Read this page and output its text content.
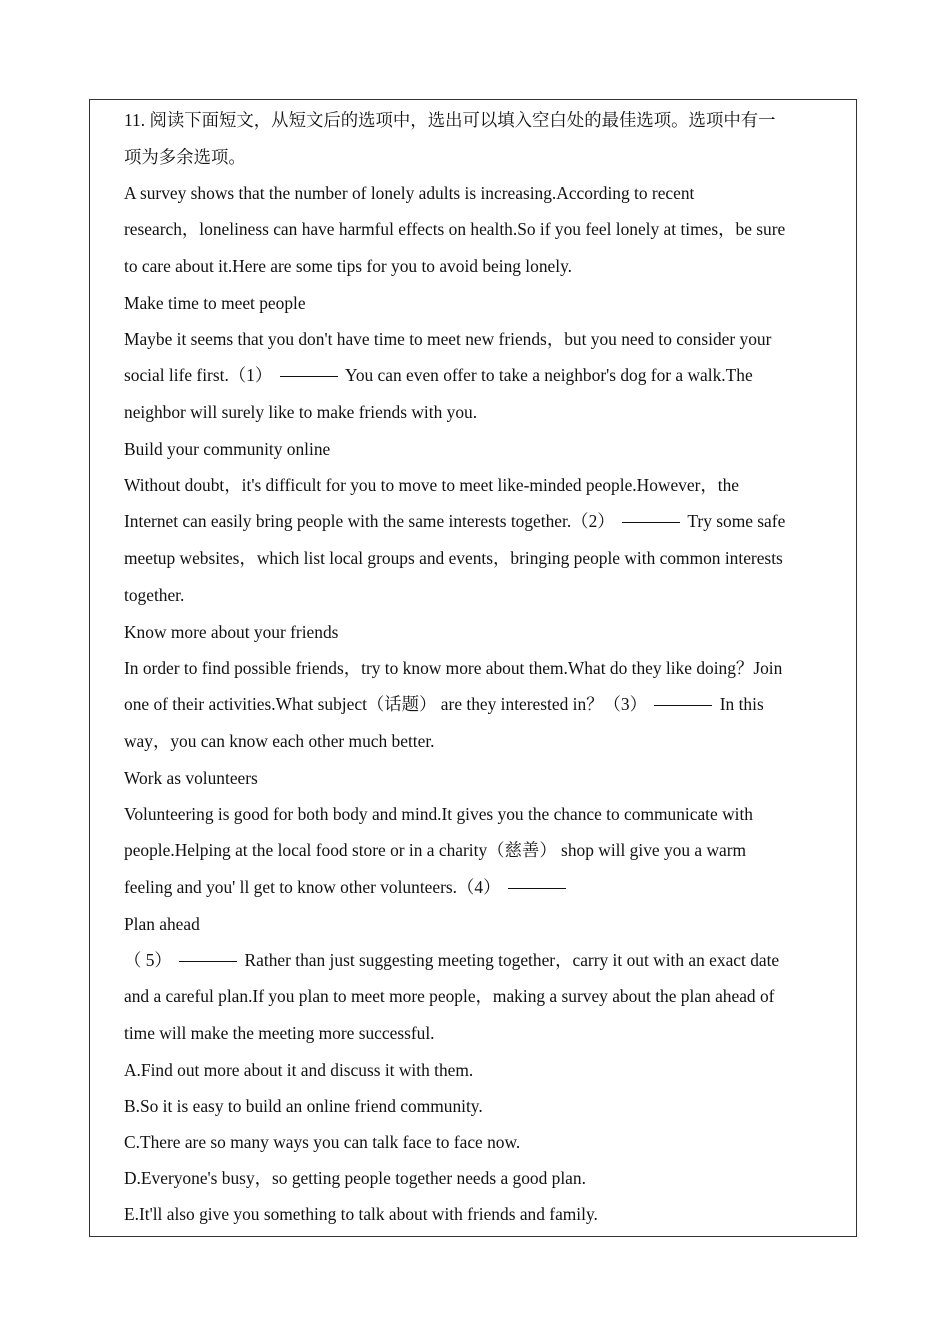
11. 阅读下面短文，从短文后的选项中，选出可以填入空白处的最佳选项。选项中有一

项为多余选项。

A survey shows that the number of lonely adults is increasing.According to recent

research，loneliness can have harmful effects on health.So if you feel lonely at times，be sure

to care about it.Here are some tips for you to avoid being lonely.

Make time to meet people

Maybe it seems that you don't have time to meet new friends，but you need to consider your

social life first.（1）	You can even offer to take a neighbor's dog for a walk.The

neighbor will surely like to make friends with you.

Build your community online

Without doubt，it's difficult for you to move to meet like-minded people.However，the

Internet can easily bring people with the same interests together.（2）	Try some safe

meetup websites，which list local groups and events，bringing people with common interests

together.

Know more about your friends

In order to find possible friends，try to know more about them.What do they like doing？Join

one of their activities.What subject（话题） are they interested in？（3）	In this

way，you can know each other much better.

Work as volunteers

Volunteering is good for both body and mind.It gives you the chance to communicate with

people.Helping at the local food store or in a charity（慈善） shop will give you a warm

feeling and you' ll get to know other volunteers.（4）

Plan ahead

（ 5）	Rather than just suggesting meeting together，carry it out with an exact date

and a careful plan.If you plan to meet more people，making a survey about the plan ahead of

time will make the meeting more successful.

A.Find out more about it and discuss it with them.

B.So it is easy to build an online friend community.

C.There are so many ways you can talk face to face now.

D.Everyone's busy，so getting people together needs a good plan.

E.It'll also give you something to talk about with friends and family.
